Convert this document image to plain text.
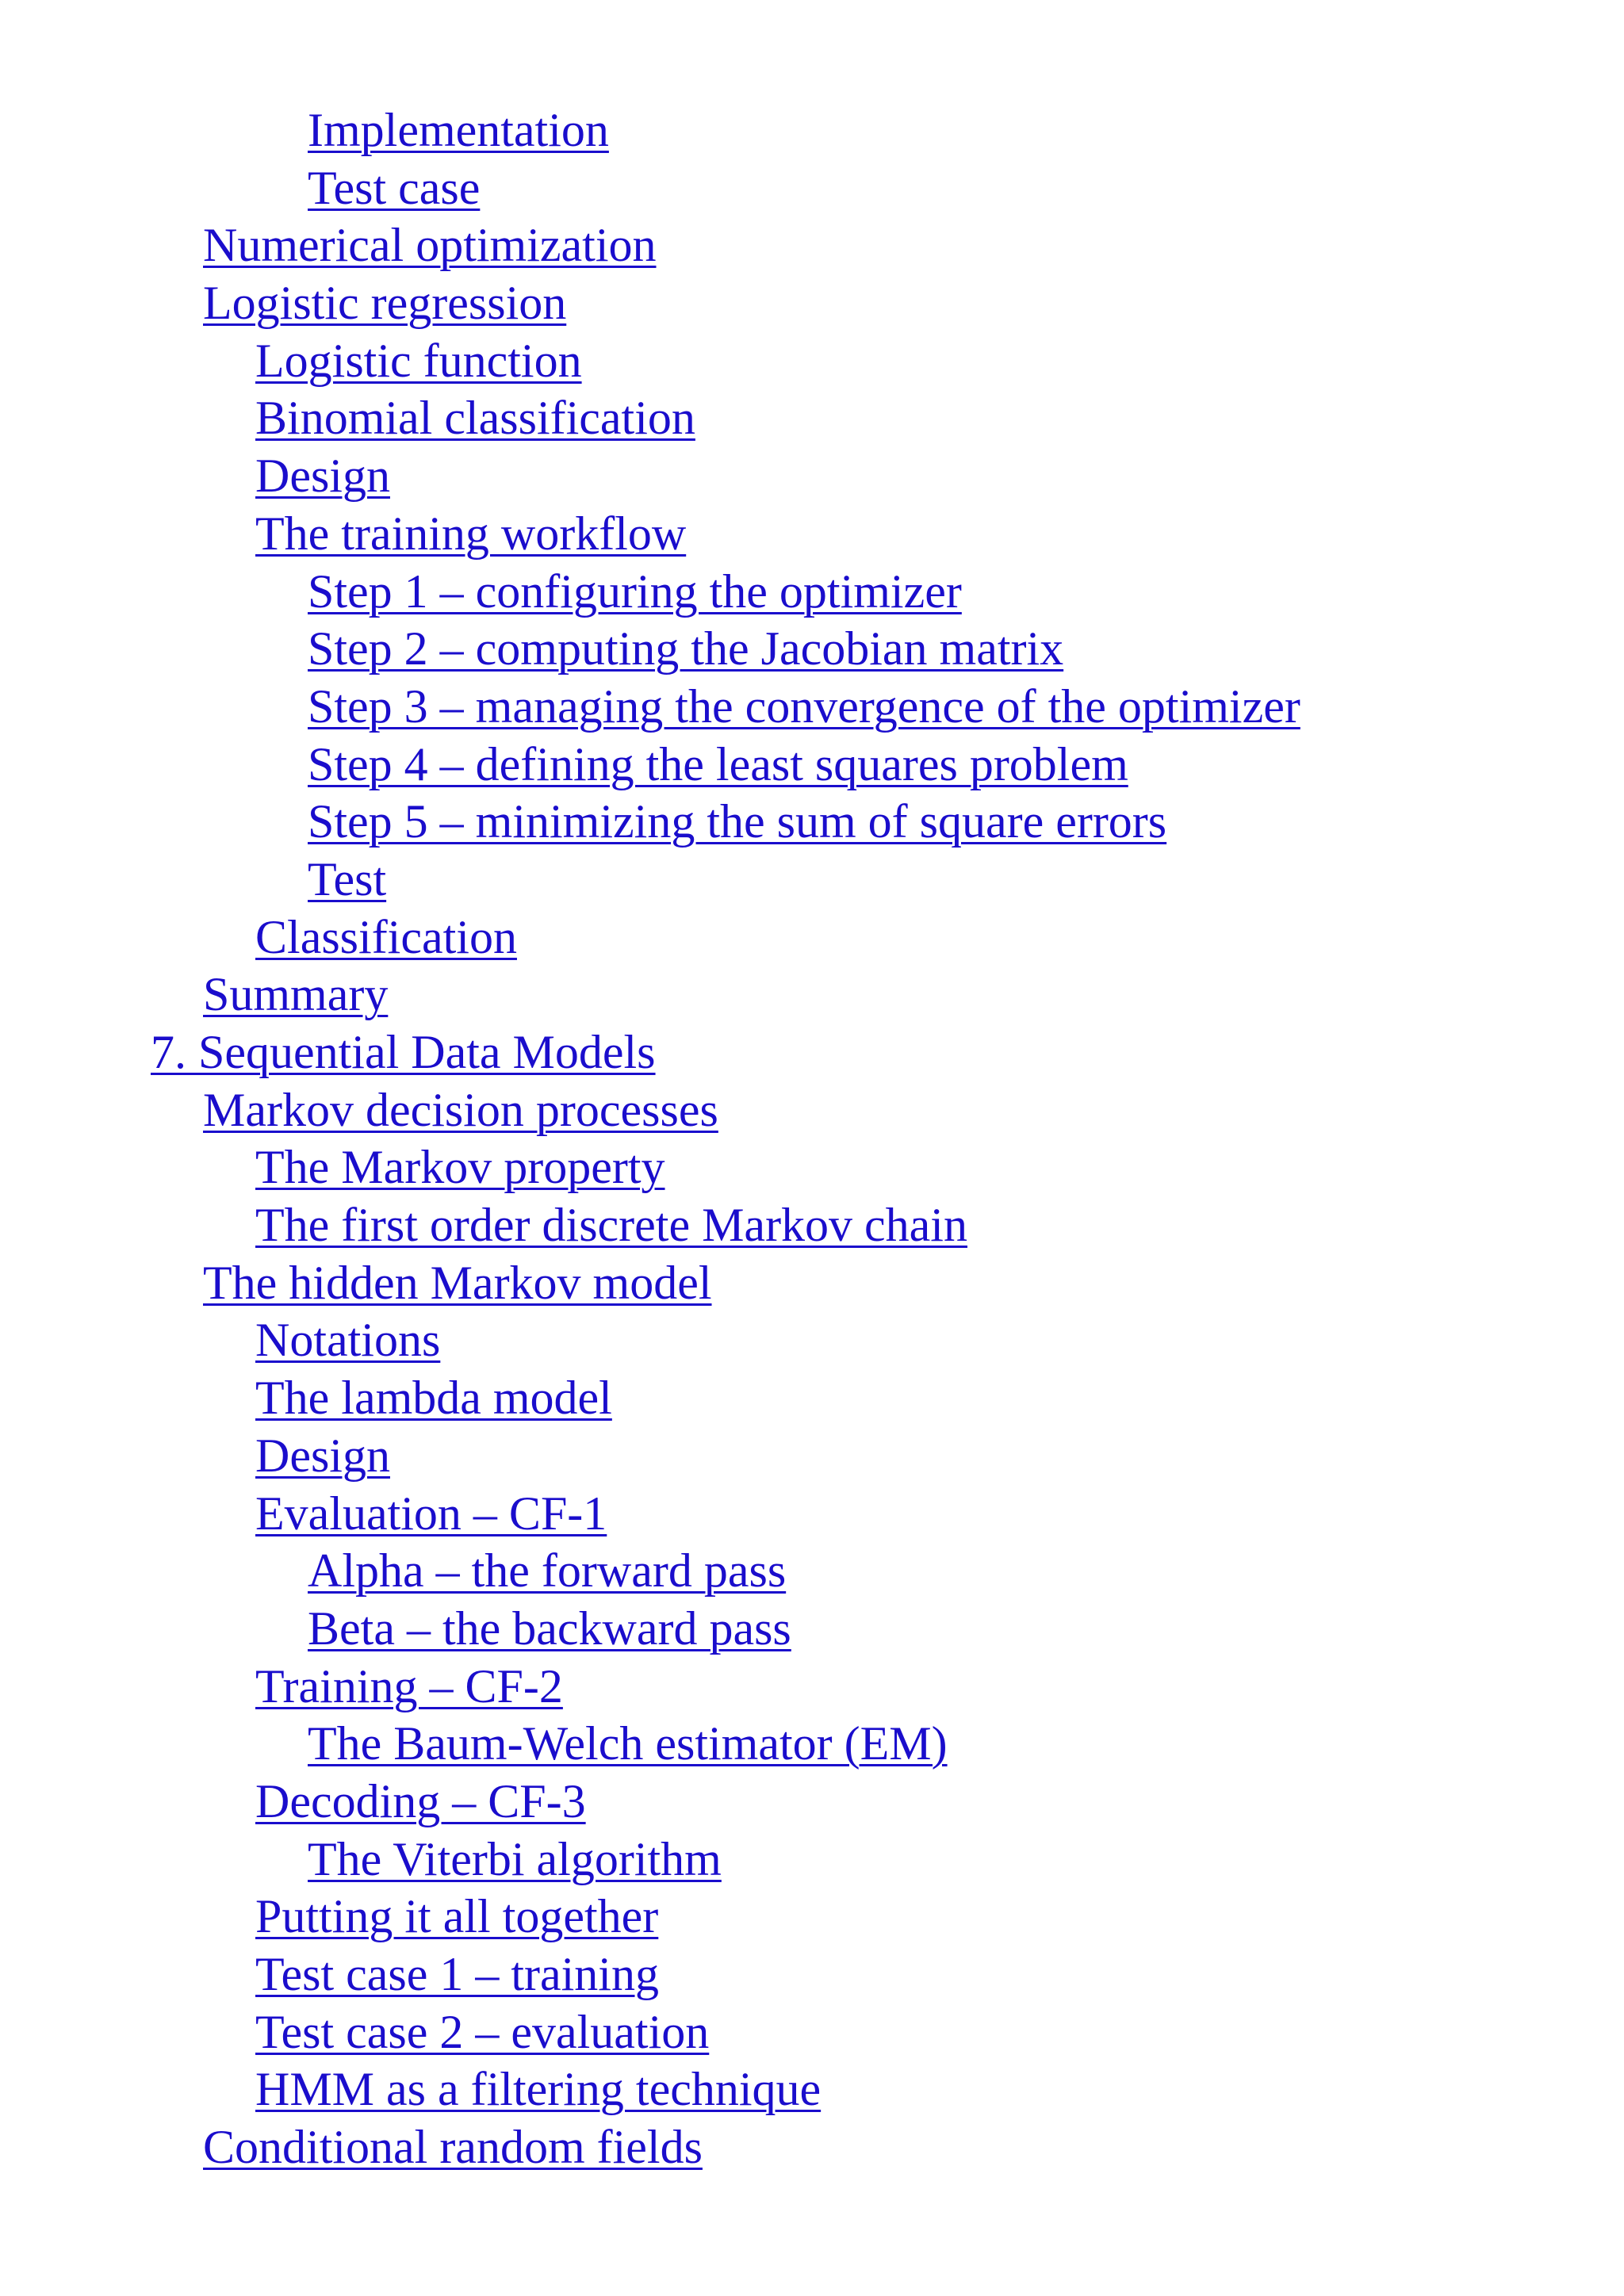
Implementation
Test case
Numerical optimization
Logistic regression
Logistic function
Binomial classification
Design
The training workflow
Step 1 – configuring the optimizer
Step 2 – computing the Jacobian matrix
Step 3 – managing the convergence of the optimizer
Step 4 – defining the least squares problem
Step 5 – minimizing the sum of square errors
Test
Classification
Summary
7. Sequential Data Models
Markov decision processes
The Markov property
The first order discrete Markov chain
The hidden Markov model
Notations
The lambda model
Design
Evaluation – CF-1
Alpha – the forward pass
Beta – the backward pass
Training – CF-2
The Baum-Welch estimator (EM)
Decoding – CF-3
The Viterbi algorithm
Putting it all together
Test case 1 – training
Test case 2 – evaluation
HMM as a filtering technique
Conditional random fields
